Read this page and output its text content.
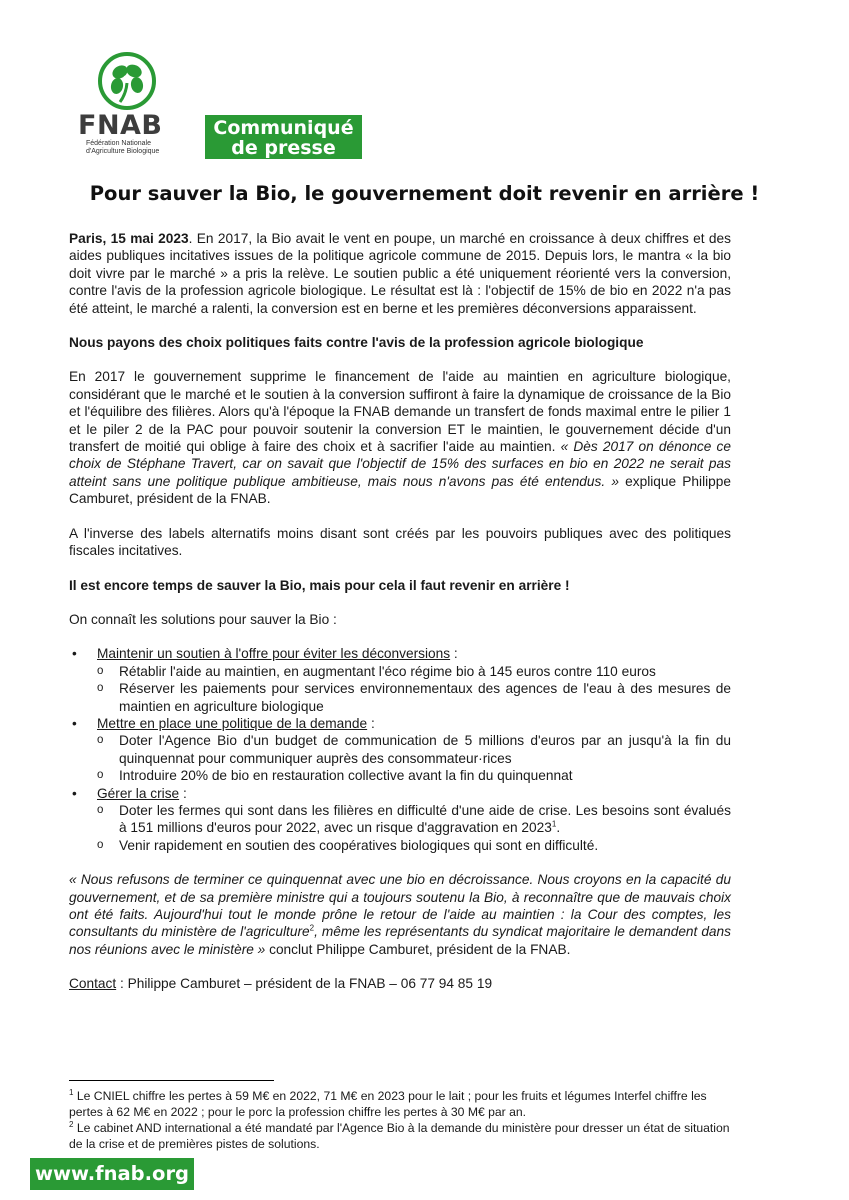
FNAB
Fédération Nationale
d'Agriculture Biologique
Communiqué
de presse
Pour sauver la Bio, le gouvernement doit revenir en arrière !

Paris, 15 mai 2023. En 2017, la Bio avait le vent en poupe, un marché en croissance à deux chiffres et des aides publiques incitatives issues de la politique agricole commune de 2015. Depuis lors, le mantra « la bio doit vivre par le marché » a pris la relève. Le soutien public a été uniquement réorienté vers la conversion, contre l'avis de la profession agricole biologique. Le résultat est là : l'objectif de 15% de bio en 2022 n'a pas été atteint, le marché a ralenti, la conversion est en berne et les premières déconversions apparaissent.

Nous payons des choix politiques faits contre l'avis de la profession agricole biologique

En 2017 le gouvernement supprime le financement de l'aide au maintien en agriculture biologique, considérant que le marché et le soutien à la conversion suffiront à faire la dynamique de croissance de la Bio et l'équilibre des filières. Alors qu'à l'époque la FNAB demande un transfert de fonds maximal entre le pilier 1 et le piler 2 de la PAC pour pouvoir soutenir la conversion ET le maintien, le gouvernement décide d'un transfert de moitié qui oblige à faire des choix et à sacrifier l'aide au maintien. « Dès 2017 on dénonce ce choix de Stéphane Travert, car on savait que l'objectif de 15% des surfaces en bio en 2022 ne serait pas atteint sans une politique publique ambitieuse, mais nous n'avons pas été entendus. » explique Philippe Camburet, président de la FNAB.

A l'inverse des labels alternatifs moins disant sont créés par les pouvoirs publiques avec des politiques fiscales incitatives.

Il est encore temps de sauver la Bio, mais pour cela il faut revenir en arrière !

On connaît les solutions pour sauver la Bio :

• Maintenir un soutien à l'offre pour éviter les déconversions :
o Rétablir l'aide au maintien, en augmentant l'éco régime bio à 145 euros contre 110 euros
o Réserver les paiements pour services environnementaux des agences de l'eau à des mesures de maintien en agriculture biologique
• Mettre en place une politique de la demande :
o Doter l'Agence Bio d'un budget de communication de 5 millions d'euros par an jusqu'à la fin du quinquennat pour communiquer auprès des consommateur·rices
o Introduire 20% de bio en restauration collective avant la fin du quinquennat
• Gérer la crise :
o Doter les fermes qui sont dans les filières en difficulté d'une aide de crise. Les besoins sont évalués à 151 millions d'euros pour 2022, avec un risque d'aggravation en 2023$^1$.
o Venir rapidement en soutien des coopératives biologiques qui sont en difficulté.

« Nous refusons de terminer ce quinquennat avec une bio en décroissance. Nous croyons en la capacité du gouvernement, et de sa première ministre qui a toujours soutenu la Bio, à reconnaître que de mauvais choix ont été faits. Aujourd'hui tout le monde prône le retour de l'aide au maintien : la Cour des comptes, les consultants du ministère de l'agriculture$^2$, même les représentants du syndicat majoritaire le demandent dans nos réunions avec le ministère » conclut Philippe Camburet, président de la FNAB.

Contact : Philippe Camburet – président de la FNAB – 06 77 94 85 19

$^1$ Le CNIEL chiffre les pertes à 59 M€ en 2022, 71 M€ en 2023 pour le lait ; pour les fruits et légumes Interfel chiffre les pertes à 62 M€ en 2022 ; pour le porc la profession chiffre les pertes à 30 M€ par an.
$^2$ Le cabinet AND international a été mandaté par l'Agence Bio à la demande du ministère pour dresser un état de situation de la crise et de premières pistes de solutions.
www.fnab.org
